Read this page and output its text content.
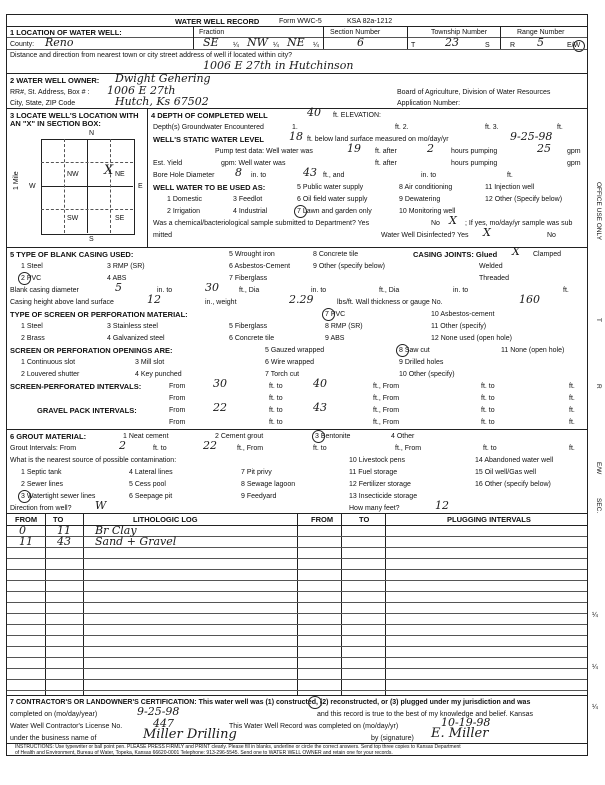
WATER WELL RECORD	Form WWC-5	KSA 82a-1212
1 LOCATION OF WATER WELL:	Fraction	Section Number	Township Number	Range Number
County: Reno	SE ¼ NW ¼ NE ¼	6	T	23	S	R 5	E/W
Distance and direction from nearest town or city street address of well if located within city?
1006 E 27th in Hutchinson
2 WATER WELL OWNER: Dwight Gehering
RR#, St. Address, Box # : 1006 E 27th	Board of Agriculture, Division of Water Resources
City, State, ZIP Code	Hutch, Ks 67502	Application Number:
3 LOCATE WELL'S LOCATION WITH
AN "X" IN SECTION BOX:
N
S
W	E
1 Mile	NW	NE
SW	SE
X
4 DEPTH OF COMPLETED WELL	40 ft. ELEVATION:
Depth(s) Groundwater Encountered	1.	ft. 2.	ft. 3.	ft.
WELL'S STATIC WATER LEVEL 18 ft. below land surface measured on mo/day/yr	9-25-98
Pump test data: Well water was	19 ft. after	2 hours pumping	25 gpm
Est. Yield	gpm: Well water was	ft. after	hours pumping	gpm
Bore Hole Diameter 8 in. to	43 ft., and	in. to	ft.
WELL WATER TO BE USED AS:	5 Public water supply	8 Air conditioning	11 Injection well
1 Domestic	3 Feedlot	6 Oil field water supply	9 Dewatering	12 Other (Specify below)
2 Irrigation	4 Industrial	7 Lawn and garden only	10 Monitoring well
Was a chemical/bacteriological sample submitted to Department? Yes	No X ; If yes, mo/day/yr sample was sub
mitted	Water Well Disinfected? Yes X	No
5 TYPE OF BLANK CASING USED:	5 Wrought iron	8 Concrete tile	CASING JOINTS: Glued X Clamped
1 Steel	3 RMP (SR)	6 Asbestos-Cement	9 Other (specify below)	Welded
2 PVC	4 ABS	7 Fiberglass	Threaded
Blank casing diameter	5	in. to	30	ft., Dia	in. to	ft., Dia	in. to	ft.
Casing height above land surface	12	in., weight	2.29	lbs/ft. Wall thickness or gauge No.	160
TYPE OF SCREEN OR PERFORATION MATERIAL:	7 PVC	10 Asbestos-cement
1 Steel	3 Stainless steel	5 Fiberglass	8 RMP (SR)	11 Other (specify)
2 Brass	4 Galvanized steel	6 Concrete tile	9 ABS	12 None used (open hole)
SCREEN OR PERFORATION OPENINGS ARE:	5 Gauzed wrapped	8 Saw cut	11 None (open hole)
1 Continuous slot	3 Mill slot	6 Wire wrapped	9 Drilled holes
2 Louvered shutter	4 Key punched	7 Torch cut	10 Other (specify)
SCREEN-PERFORATED INTERVALS:	From	30	ft. to	40	ft., From	ft. to	ft.
From	ft. to	ft., From	ft. to	ft.
GRAVEL PACK INTERVALS:	From	22	ft. to	43	ft., From	ft. to	ft.
From	ft. to	ft., From	ft. to	ft.
6 GROUT MATERIAL:	1 Neat cement	2 Cement grout	3 Bentonite	4 Other
Grout Intervals: From	2	ft. to	22	ft., From	ft. to	ft., From	ft. to	ft.
What is the nearest source of possible contamination:	10 Livestock pens	14 Abandoned water well
1 Septic tank	4 Lateral lines	7 Pit privy	11 Fuel storage	15 Oil well/Gas well
2 Sewer lines	5 Cess pool	8 Sewage lagoon	12 Fertilizer storage	16 Other (specify below)
3 Watertight sewer lines	6 Seepage pit	9 Feedyard	13 Insecticide storage
Direction from well? W	How many feet?	12
FROM TO	LITHOLOGIC LOG	FROM	TO	PLUGGING INTERVALS
0	11 Br Clay
11 43 Sand + Gravel
7 CONTRACTOR'S OR LANDOWNER'S CERTIFICATION: This water well was (1) constructed, (2) reconstructed, or (3) plugged under my jurisdiction and was
completed on (mo/day/year)	9-25-98	and this record is true to the best of my knowledge and belief. Kansas
Water Well Contractor's License No.	447	This Water Well Record was completed on (mo/day/yr)	10-19-98
under the business name of	Miller Drilling	by (signature) E. Miller
INSTRUCTIONS: Use typewriter or ball point pen. PLEASE PRESS FIRMLY and PRINT clearly. Please fill in blanks, underline or circle the correct answers. Send top three copies to Kansas Department
of Health and Environment, Bureau of Water, Topeka, Kansas 66620-0001 Telephone: 913-296-5545. Send one to WATER WELL OWNER and retain one for your records.
OFFICE USE ONLY
T
R
E/W
SEC.
¼
¼
¼
